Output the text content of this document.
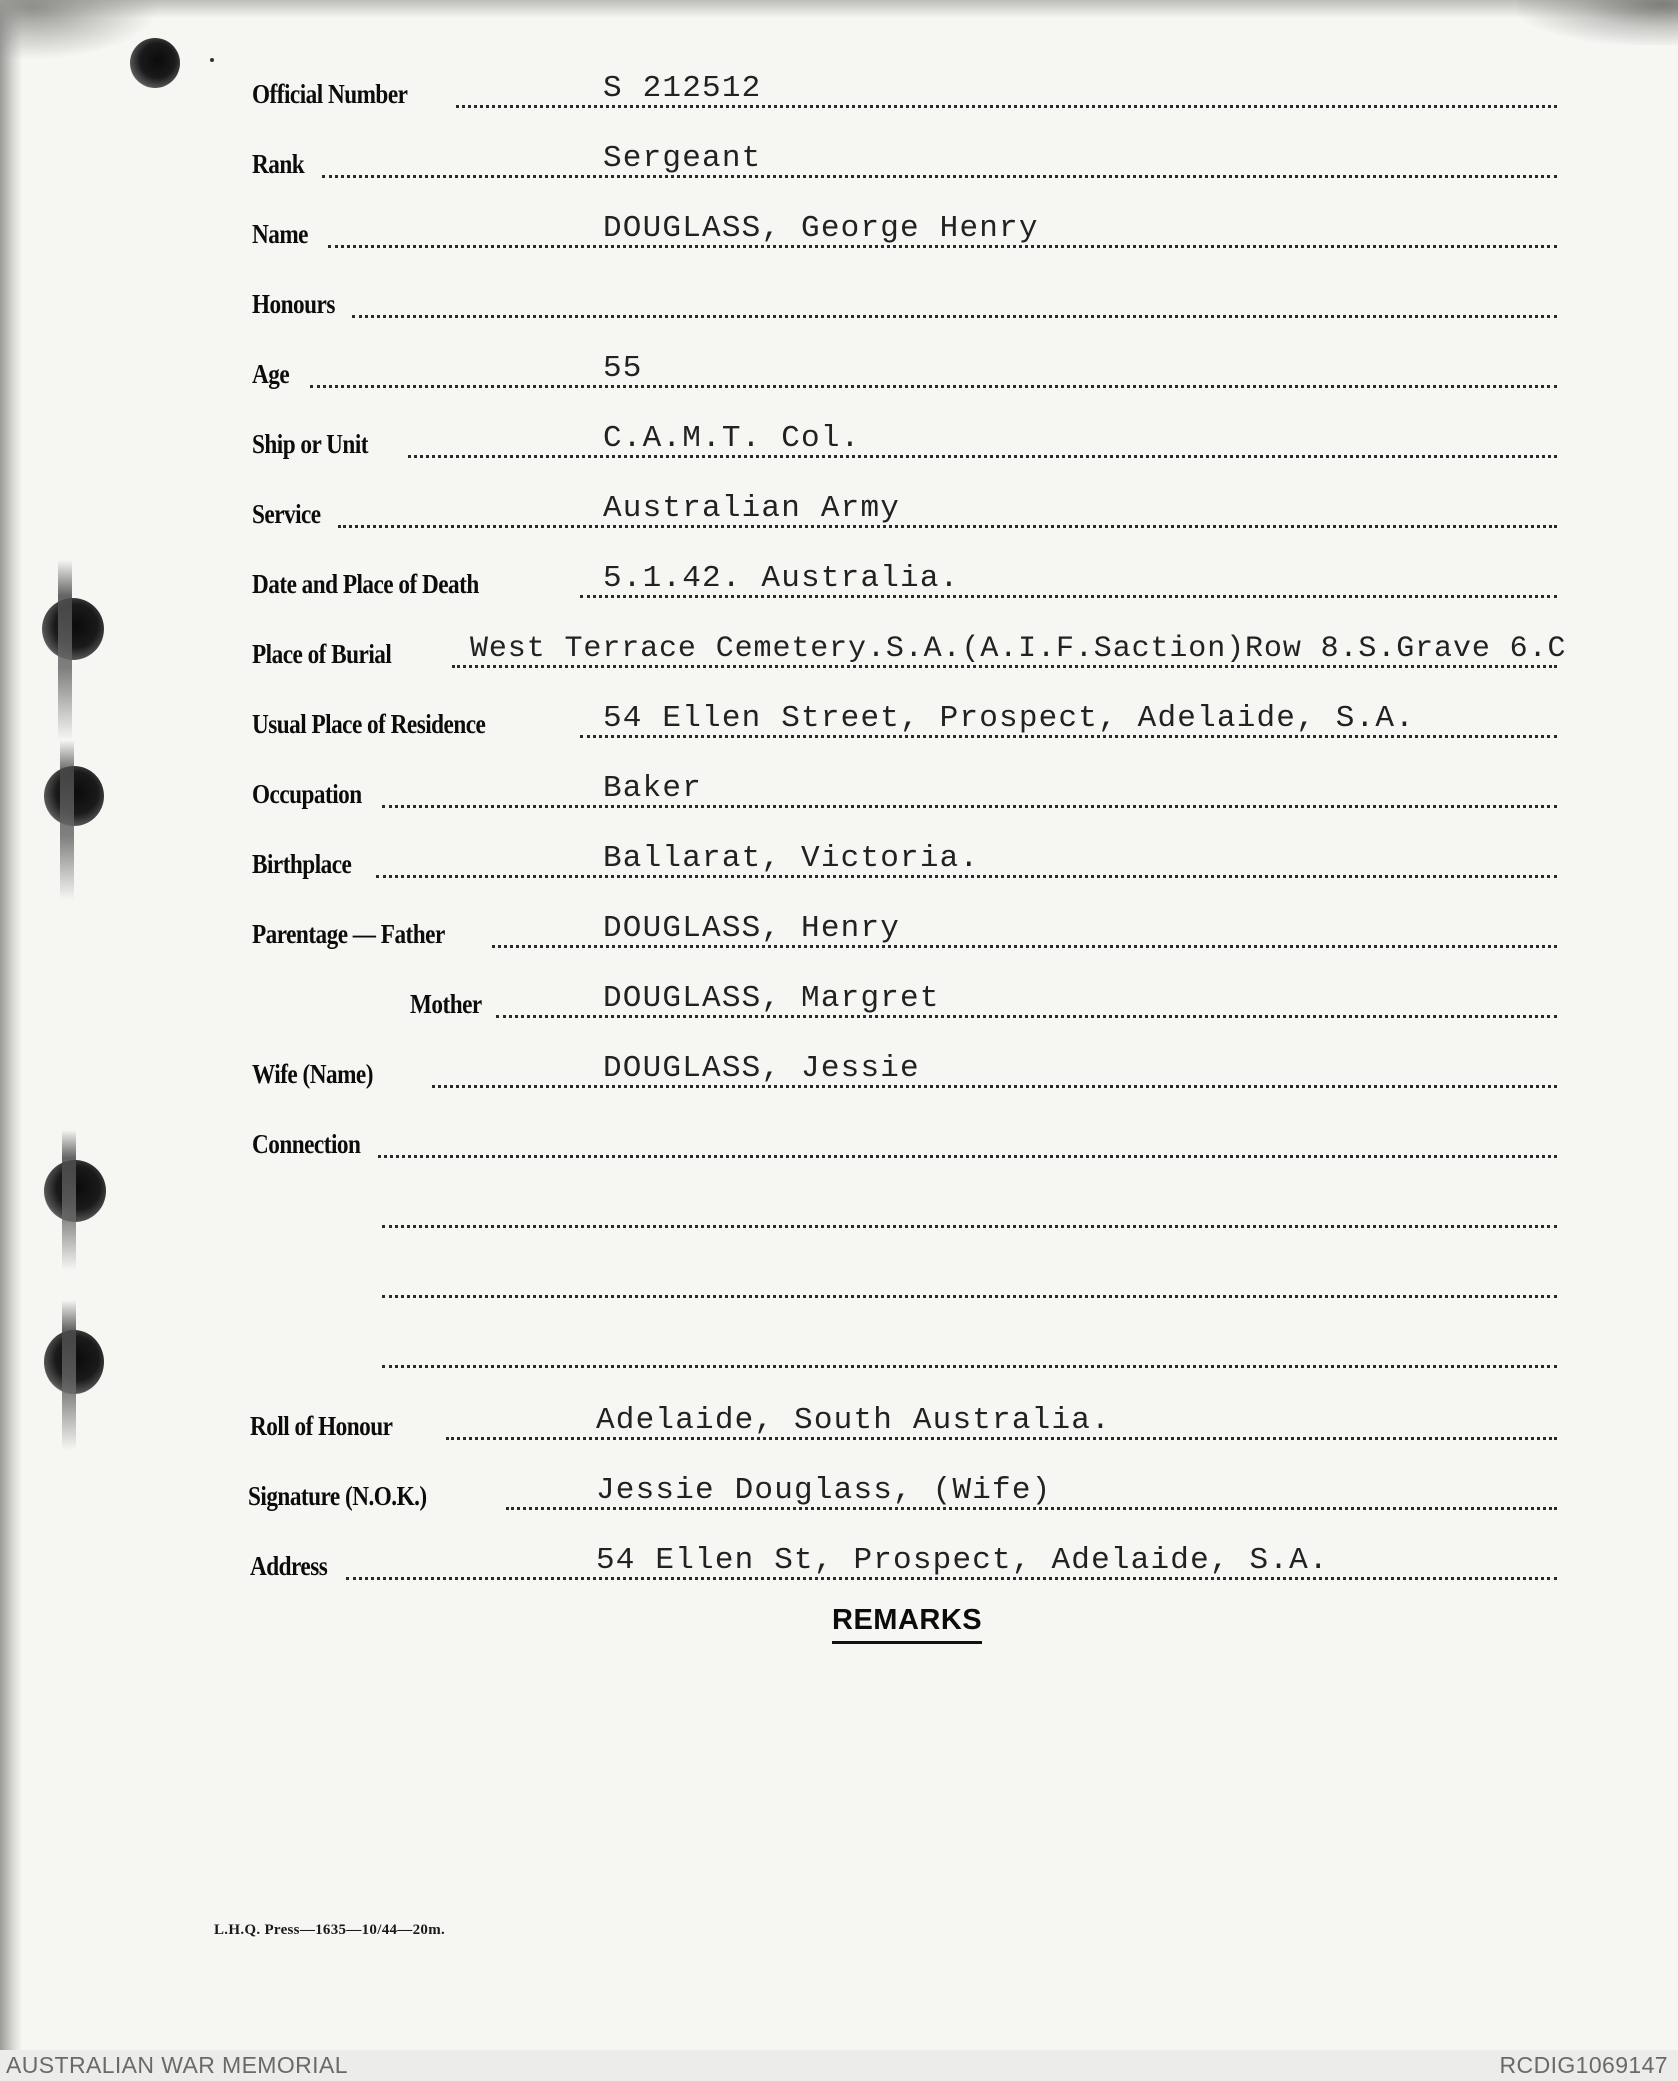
Official Number	S 212512
Rank	Sergeant
Name	DOUGLASS, George Henry
Honours
Age	55
Ship or Unit	C.A.M.T. Col.
Service	Australian Army
Date and Place of Death	5.1.42. Australia.
Place of Burial	West Terrace Cemetery.S.A.(A.I.F.Saction)Row 8.S.Grave 6.C
Usual Place of Residence	54 Ellen Street, Prospect, Adelaide, S.A.
Occupation	Baker
Birthplace	Ballarat, Victoria.
Parentage — Father	DOUGLASS, Henry
Mother	DOUGLASS, Margret
Wife (Name)	DOUGLASS, Jessie
Connection
Roll of Honour	Adelaide, South Australia.
Signature (N.O.K.)	Jessie Douglass, (Wife)
Address	54 Ellen St, Prospect, Adelaide, S.A.
REMARKS
L.H.Q. Press—1635—10/44—20m.
AUSTRALIAN WAR MEMORIAL	RCDIG1069147
